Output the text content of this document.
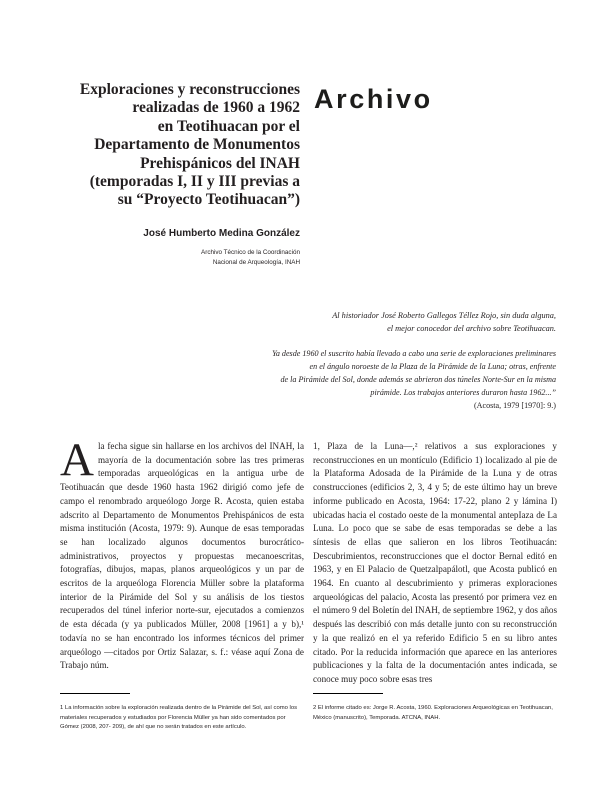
Exploraciones y reconstrucciones
realizadas de 1960 a 1962
en Teotihuacan por el
Departamento de Monumentos
Prehispánicos del INAH
(temporadas I, II y III previas a
su “Proyecto Teotihuacan”)
Archivo
José Humberto Medina González
Archivo Técnico de la Coordinación
Nacional de Arqueología, INAH
Al historiador José Roberto Gallegos Téllez Rojo, sin duda alguna,
el mejor conocedor del archivo sobre Teotihuacan.
Ya desde 1960 el suscrito había llevado a cabo una serie de exploraciones preliminares
en el ángulo noroeste de la Plaza de la Pirámide de la Luna; otras, enfrente
de la Pirámide del Sol, donde además se abrieron dos túneles Norte-Sur en la misma
pirámide. Los trabajos anteriores duraron hasta 1962...”
(Acosta, 1979 [1970]: 9.)
Ala fecha sigue sin hallarse en los archivos del INAH, la mayoría de la documentación sobre las tres primeras temporadas arqueológicas en la antigua urbe de Teotihuacán que desde 1960 hasta 1962 dirigió como jefe de campo el renombrado arqueólogo Jorge R. Acosta, quien estaba adscrito al Departamento de Monumentos Prehispánicos de esta misma institución (Acosta, 1979: 9). Aunque de esas temporadas se han localizado algunos documentos burocrático-administrativos, proyectos y propuestas mecanoescritas, fotografías, dibujos, mapas, planos arqueológicos y un par de escritos de la arqueóloga Florencia Müller sobre la plataforma interior de la Pirámide del Sol y su análisis de los tiestos recuperados del túnel inferior norte-sur, ejecutados a comienzos de esta década (y ya publicados Müller, 2008 [1961] a y b),¹ todavía no se han encontrado los informes técnicos del primer arqueólogo —citados por Ortiz Salazar, s. f.: véase aquí Zona de Trabajo núm.
1, Plaza de la Luna—,² relativos a sus exploraciones y reconstrucciones en un montículo (Edificio 1) localizado al pie de la Plataforma Adosada de la Pirámide de la Luna y de otras construcciones (edificios 2, 3, 4 y 5; de este último hay un breve informe publicado en Acosta, 1964: 17-22, plano 2 y lámina I) ubicadas hacia el costado oeste de la monumental antepIaza de La Luna. Lo poco que se sabe de esas temporadas se debe a las síntesis de ellas que salieron en los libros Teotihuacán: Descubrimientos, reconstrucciones que el doctor Bernal editó en 1963, y en El Palacio de Quetzalpapálotl, que Acosta publicó en 1964. En cuanto al descubrimiento y primeras exploraciones arqueológicas del palacio, Acosta las presentó por primera vez en el número 9 del Boletín del INAH, de septiembre 1962, y dos años después las describió con más detalle junto con su reconstrucción y la que realizó en el ya referido Edificio 5 en su libro antes citado. Por la reducida información que aparece en las anteriores publicaciones y la falta de la documentación antes indicada, se conoce muy poco sobre esas tres
1 La información sobre la exploración realizada dentro de la Pirámide del Sol, así como los materiales recuperados y estudiados por Florencia Müller ya han sido comentados por Gómez (2008, 207- 209), de ahí que no serán tratados en este artículo.
2 El informe citado es: Jorge R. Acosta, 1960. Exploraciones Arqueológicas en Teotihuacan, México (manuscrito), Temporada. ATCNA, INAH.
